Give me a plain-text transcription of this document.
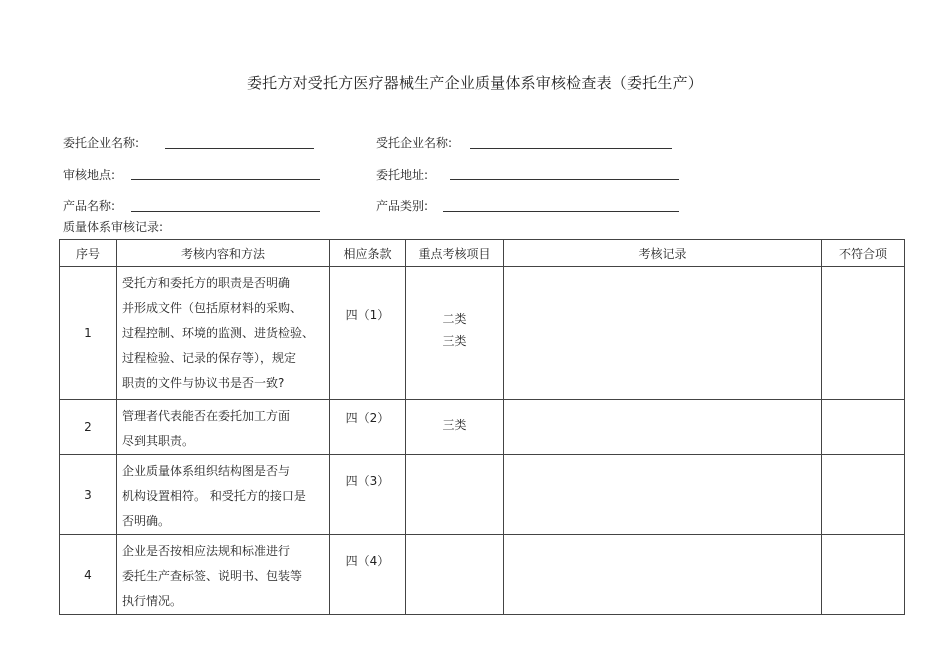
委托方对受托方医疗器械生产企业质量体系审核检查表（委托生产）
委托企业名称:	受托企业名称:
审核地点:	委托地址:
产品名称:	产品类别:
质量体系审核记录:
序号	考核内容和方法	相应条款	重点考核项目	考核记录	不符合项
1	受托方和委托方的职责是否明确
并形成文件（包括原材料的采购、
过程控制、环境的监测、进货检验、
过程检验、记录的保存等），规定
职责的文件与协议书是否一致?	四（1）	二类
三类		

2	管理者代表能否在委托加工方面
尽到其职责。	四（2）	三类		

3	企业质量体系组织结构图是否与
机构设置相符。 和受托方的接口是
否明确。	四（3）			
4	企业是否按相应法规和标准进行
委托生产查标签、说明书、包装等
执行情况。	四（4）			
